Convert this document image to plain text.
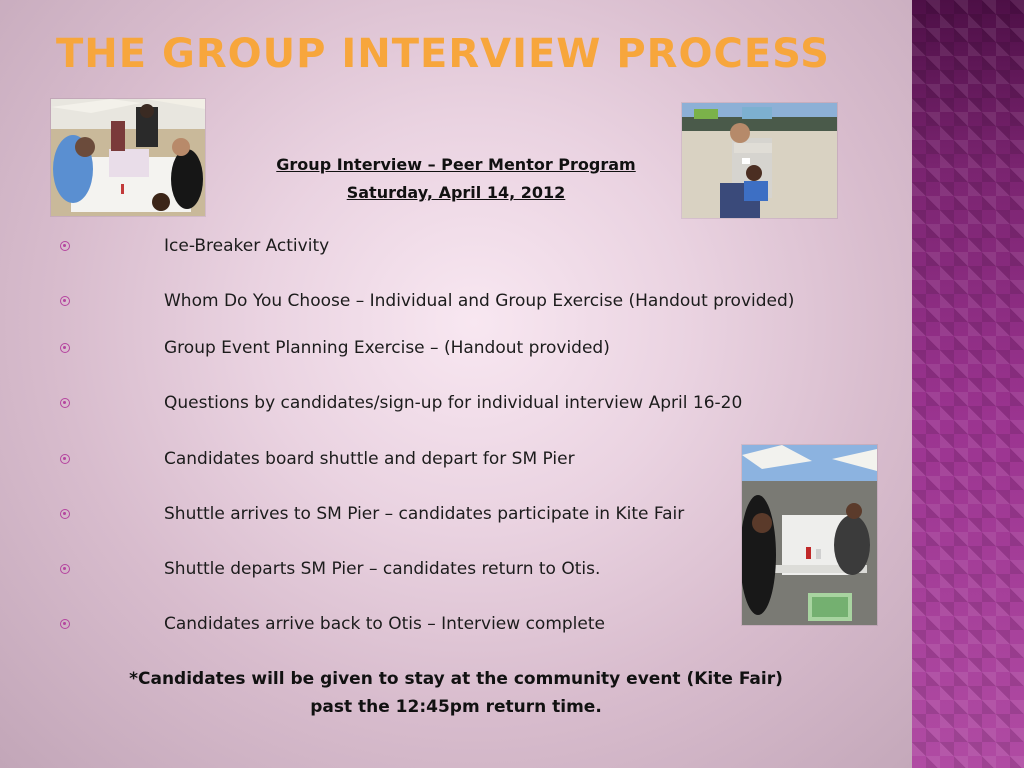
THE GROUP INTERVIEW PROCESS
Group Interview – Peer Mentor Program
Saturday, April 14, 2012
Ice-Breaker Activity
Whom Do You Choose – Individual and Group Exercise (Handout provided)
Group Event Planning Exercise – (Handout provided)
Questions by candidates/sign-up for individual interview April 16-20
Candidates board shuttle and depart for SM Pier
Shuttle arrives to SM Pier – candidates participate in Kite Fair
Shuttle departs SM Pier – candidates return to Otis.
Candidates arrive back to Otis – Interview complete
*Candidates will be given to stay at the community event (Kite Fair)
past the 12:45pm return time.
